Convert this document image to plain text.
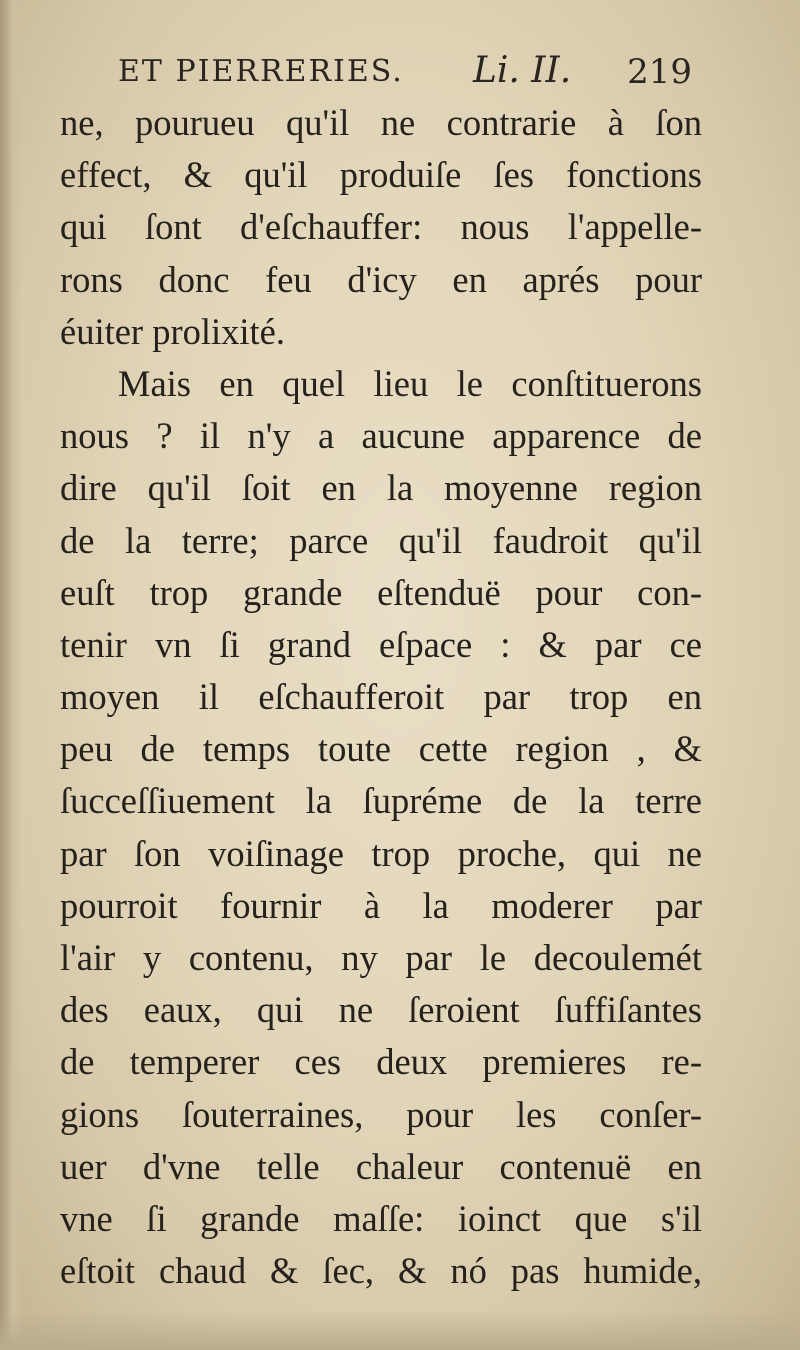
ET PIERRERIES. Li. II. 219
ne, pourueu qu'il ne contrarie à ſon
effect, & qu'il produiſe ſes fonctions
qui ſont d'eſchauffer: nous l'appelle-
rons donc feu d'icy en aprés pour
éuiter prolixité.
Mais en quel lieu le conſtituerons
nous ? il n'y a aucune apparence de
dire qu'il ſoit en la moyenne region
de la terre; parce qu'il faudroit qu'il
euſt trop grande eſtenduë pour con-
tenir vn ſi grand eſpace : & par ce
moyen il eſchaufferoit par trop en
peu de temps toute cette region , &
ſucceſſiuement la ſupréme de la terre
par ſon voiſinage trop proche, qui ne
pourroit fournir à la moderer par
l'air y contenu, ny par le decoulemét
des eaux, qui ne ſeroient ſuffiſantes
de temperer ces deux premieres re-
gions ſouterraines, pour les conſer-
uer d'vne telle chaleur contenuë en
vne ſi grande maſſe: ioinct que s'il
eſtoit chaud & ſec, & nó pas humide,
